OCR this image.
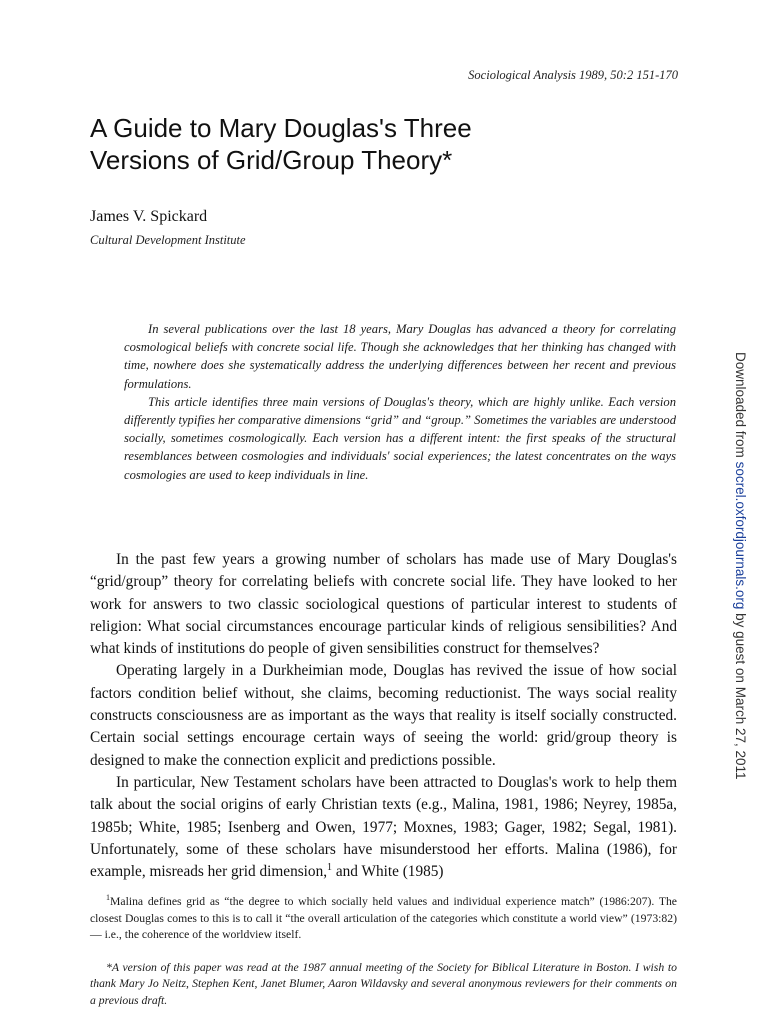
Sociological Analysis 1989, 50:2 151-170
A Guide to Mary Douglas's Three
Versions of Grid/Group Theory*
James V. Spickard
Cultural Development Institute

In several publications over the last 18 years, Mary Douglas has advanced a theory for correlating cosmological beliefs with concrete social life. Though she acknowledges that her thinking has changed with time, nowhere does she systematically address the underlying differences between her recent and previous formulations.

This article identifies three main versions of Douglas's theory, which are highly unlike. Each version differently typifies her comparative dimensions “grid” and “group.” Sometimes the variables are understood socially, sometimes cosmologically. Each version has a different intent: the first speaks of the structural resemblances between cosmologies and individuals' social experiences; the latest concentrates on the ways cosmologies are used to keep individuals in line.

In the past few years a growing number of scholars has made use of Mary Douglas's “grid/group” theory for correlating beliefs with concrete social life. They have looked to her work for answers to two classic sociological questions of particular interest to students of religion: What social circumstances encourage particular kinds of religious sensibilities? And what kinds of institutions do people of given sensibilities construct for themselves?

Operating largely in a Durkheimian mode, Douglas has revived the issue of how social factors condition belief without, she claims, becoming reductionist. The ways social reality constructs consciousness are as important as the ways that reality is itself socially constructed. Certain social settings encourage certain ways of seeing the world: grid/group theory is designed to make the connection explicit and predictions possible.

In particular, New Testament scholars have been attracted to Douglas's work to help them talk about the social origins of early Christian texts (e.g., Malina, 1981, 1986; Neyrey, 1985a, 1985b; White, 1985; Isenberg and Owen, 1977; Moxnes, 1983; Gager, 1982; Segal, 1981). Unfortunately, some of these scholars have misunderstood her efforts. Malina (1986), for example, misreads her grid dimension,$^1$ and White (1985)

$^1$Malina defines grid as “the degree to which socially held values and individual experience match” (1986:207). The closest Douglas comes to this is to call it “the overall articulation of the categories which constitute a world view” (1973:82) — i.e., the coherence of the worldview itself.

*A version of this paper was read at the 1987 annual meeting of the Society for Biblical Literature in Boston. I wish to thank Mary Jo Neitz, Stephen Kent, Janet Blumer, Aaron Wildavsky and several anonymous reviewers for their comments on a previous draft.

Downloaded from socrel.oxfordjournals.org by guest on March 27, 2011
